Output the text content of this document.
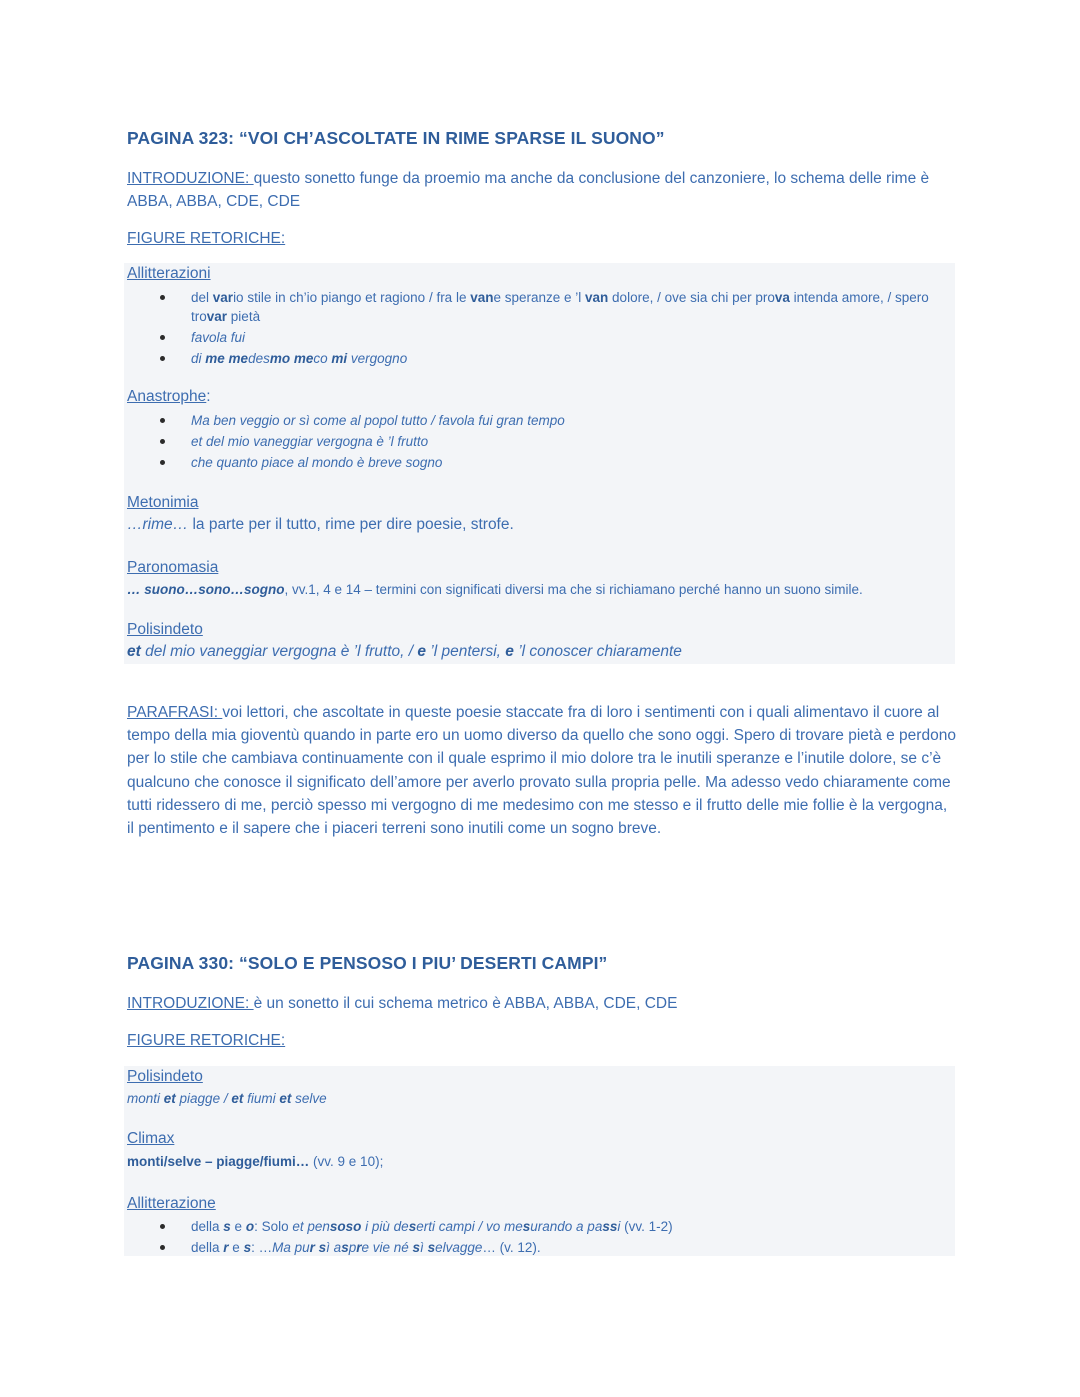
PAGINA 323: “VOI CH’ASCOLTATE IN RIME SPARSE IL SUONO”
INTRODUZIONE: questo sonetto funge da proemio ma anche da conclusione del canzoniere, lo schema delle rime è ABBA, ABBA, CDE, CDE
FIGURE RETORICHE:
Allitterazioni
del vario stile in ch’io piango et ragiono / fra le vane speranze e ’l van dolore, / ove sia chi per prova intenda amore, / spero trovar pietà
favola fui
di me medesmo meco mi vergogno
Anastrophe:
Ma ben veggio or sì come al popol tutto / favola fui gran tempo
et del mio vaneggiar vergogna è ’l frutto
che quanto piace al mondo è breve sogno
Metonimia
…rime… la parte per il tutto, rime per dire poesie, strofe.
Paronomasia
… suono…sono…sogno, vv.1, 4 e 14 – termini con significati diversi ma che si richiamano perché hanno un suono simile.
Polisindeto
et del mio vaneggiar vergogna è ’l frutto, / e ’l pentersi, e ’l conoscer chiaramente
PARAFRASI: voi lettori, che ascoltate in queste poesie staccate fra di loro i sentimenti con i quali alimentavo il cuore al tempo della mia gioventù quando in parte ero un uomo diverso da quello che sono oggi. Spero di trovare pietà e perdono per lo stile che cambiava continuamente con il quale esprimo il mio dolore tra le inutili speranze e l’inutile dolore, se c’è qualcuno che conosce il significato dell’amore per averlo provato sulla propria pelle. Ma adesso vedo chiaramente come tutti ridessero di me, perciò spesso mi vergogno di me medesimo con me stesso e il frutto delle mie follie è la vergogna, il pentimento e il sapere che i piaceri terreni sono inutili come un sogno breve.
PAGINA 330: “SOLO E PENSOSO I PIU’ DESERTI CAMPI”
INTRODUZIONE: è un sonetto il cui schema metrico è ABBA, ABBA, CDE, CDE
FIGURE RETORICHE:
Polisindeto
monti et piagge / et fiumi et selve
Climax
monti/selve – piagge/fiumi… (vv. 9 e 10);
Allitterazione
della s e o: Solo et pensoso i più deserti campi / vo mesurando a passi (vv. 1-2)
della r e s: …Ma pur sì aspre vie né sì selvagge… (v. 12).
